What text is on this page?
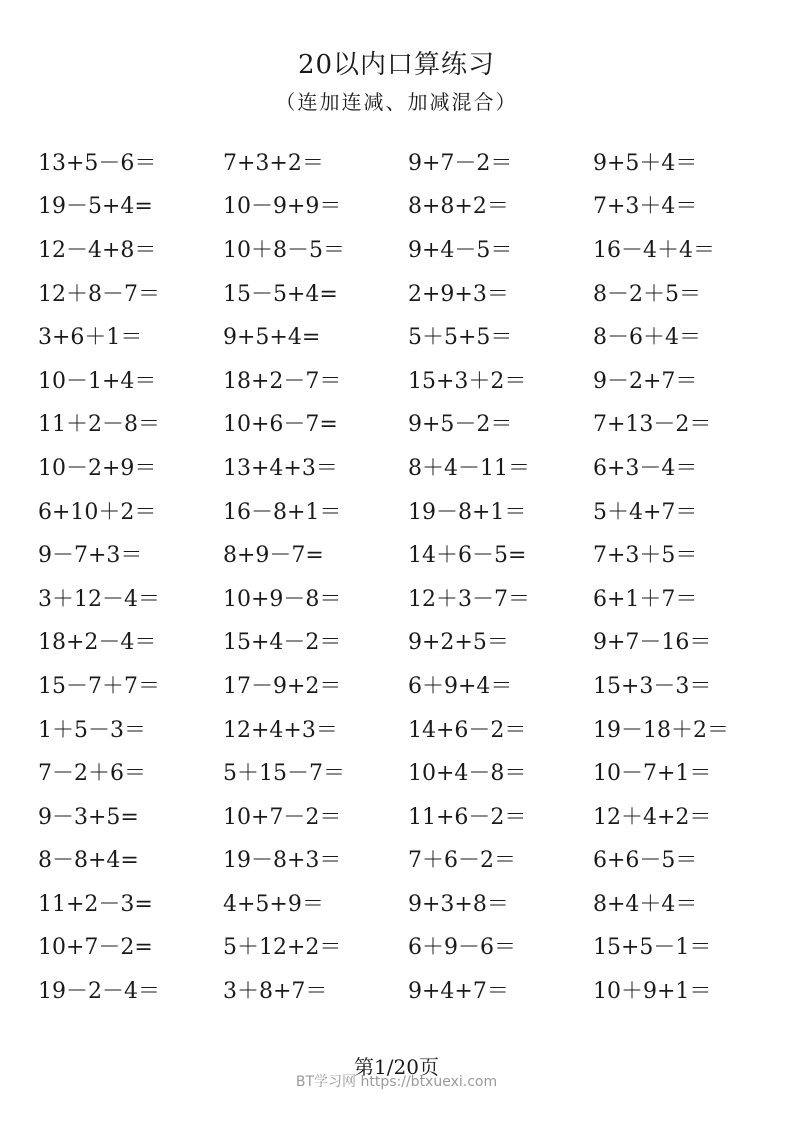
20以内口算练习
（连加连减、加减混合）
13+5－6＝	7+3+2＝	9+7－2＝	9+5＋4＝
19－5+4=	10－9+9＝	8+8+2＝	7+3＋4＝
12－4+8＝	10＋8－5＝	9+4－5＝	16－4＋4＝
12＋8－7＝	15－5+4=	2+9+3＝	8－2＋5＝
3+6＋1＝	9+5+4=	5＋5+5＝	8－6＋4＝
10－1+4＝	18+2－7＝	15+3＋2＝	9－2+7＝
11＋2－8＝	10+6－7=	9+5－2＝	7+13－2＝
10－2+9＝	13+4+3＝	8＋4－11＝	6+3－4＝
6+10＋2＝	16－8+1＝	19－8+1＝	5＋4+7＝
9－7+3＝	8+9－7=	14＋6－5=	7+3＋5＝
3＋12－4＝	10+9－8＝	12＋3－7＝	6+1＋7＝
18+2－4＝	15+4－2＝	9+2+5＝	9+7－16＝
15－7＋7＝	17－9+2＝	6＋9+4＝	15+3－3＝
1＋5－3＝	12+4+3＝	14+6－2＝	19－18＋2＝
7－2＋6＝	5＋15－7＝	10+4－8＝	10－7+1＝
9－3+5=	10+7－2＝	11+6－2＝	12＋4+2＝
8－8+4=	19－8+3＝	7＋6－2＝	6+6－5＝
11+2－3=	4+5+9＝	9+3+8＝	8+4＋4＝
10+7－2=	5＋12+2＝	6＋9－6＝	15+5－1＝
19－2－4＝	3＋8+7＝	9+4+7＝	10＋9+1＝
第1/20页
BT学习网 https://btxuexi.com
